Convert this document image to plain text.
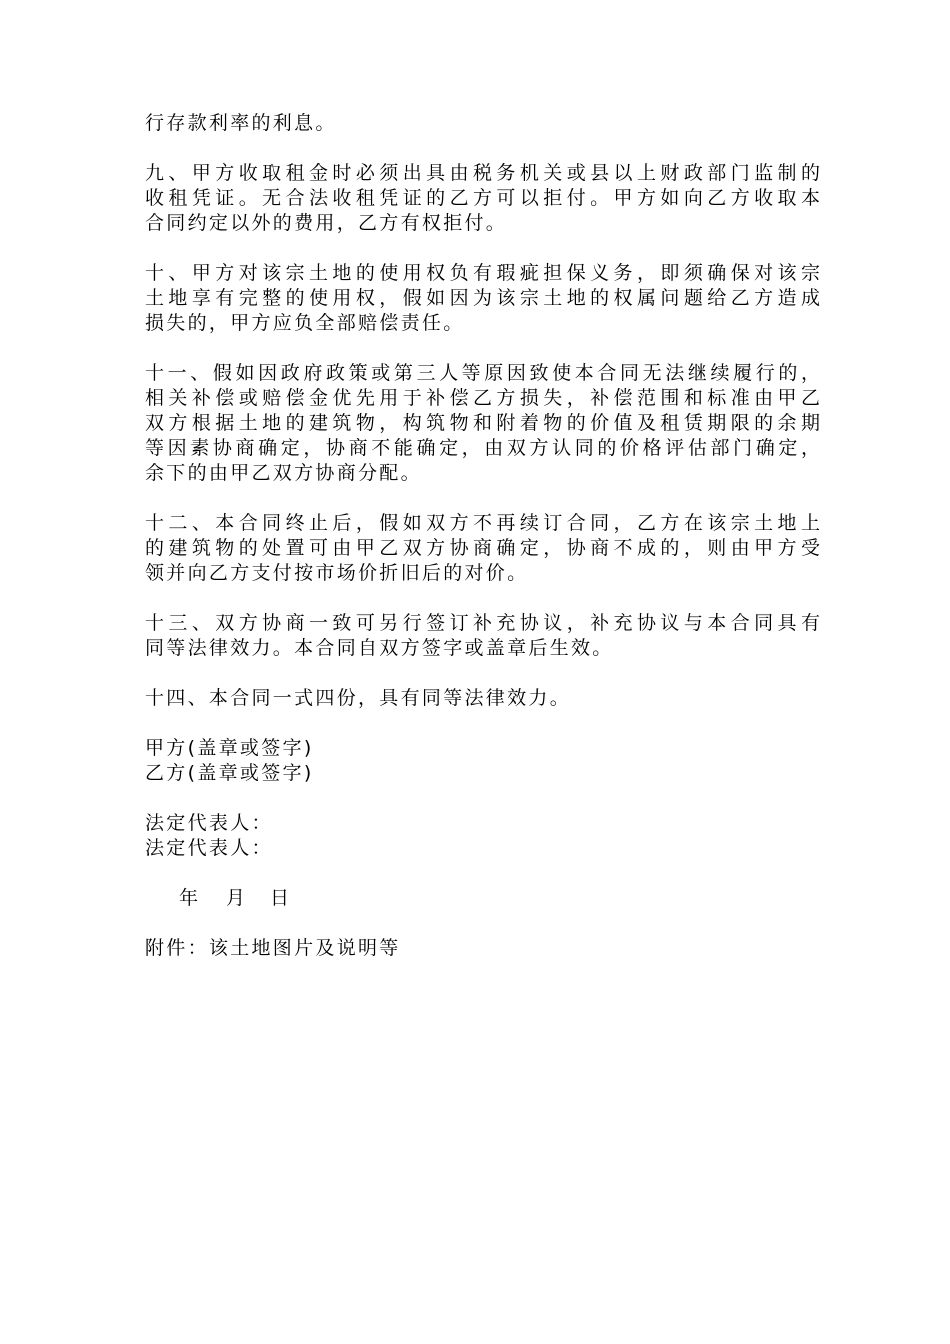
行存款利率的利息。
九、甲方收取租金时必须出具由税务机关或县以上财政部门监制的
收租凭证。无合法收租凭证的乙方可以拒付。甲方如向乙方收取本
合同约定以外的费用，乙方有权拒付。
十、甲方对该宗土地的使用权负有瑕疵担保义务，即须确保对该宗
土地享有完整的使用权，假如因为该宗土地的权属问题给乙方造成
损失的，甲方应负全部赔偿责任。
十一、假如因政府政策或第三人等原因致使本合同无法继续履行的，
相关补偿或赔偿金优先用于补偿乙方损失，补偿范围和标准由甲乙
双方根据土地的建筑物，构筑物和附着物的价值及租赁期限的余期
等因素协商确定，协商不能确定，由双方认同的价格评估部门确定，
余下的由甲乙双方协商分配。
十二、本合同终止后，假如双方不再续订合同，乙方在该宗土地上
的建筑物的处置可由甲乙双方协商确定，协商不成的，则由甲方受
领并向乙方支付按市场价折旧后的对价。
十三、双方协商一致可另行签订补充协议，补充协议与本合同具有
同等法律效力。本合同自双方签字或盖章后生效。
十四、本合同一式四份，具有同等法律效力。
甲方(盖章或签字)
乙方(盖章或签字)
法定代表人：
法定代表人：
年 月 日
附件：该土地图片及说明等
